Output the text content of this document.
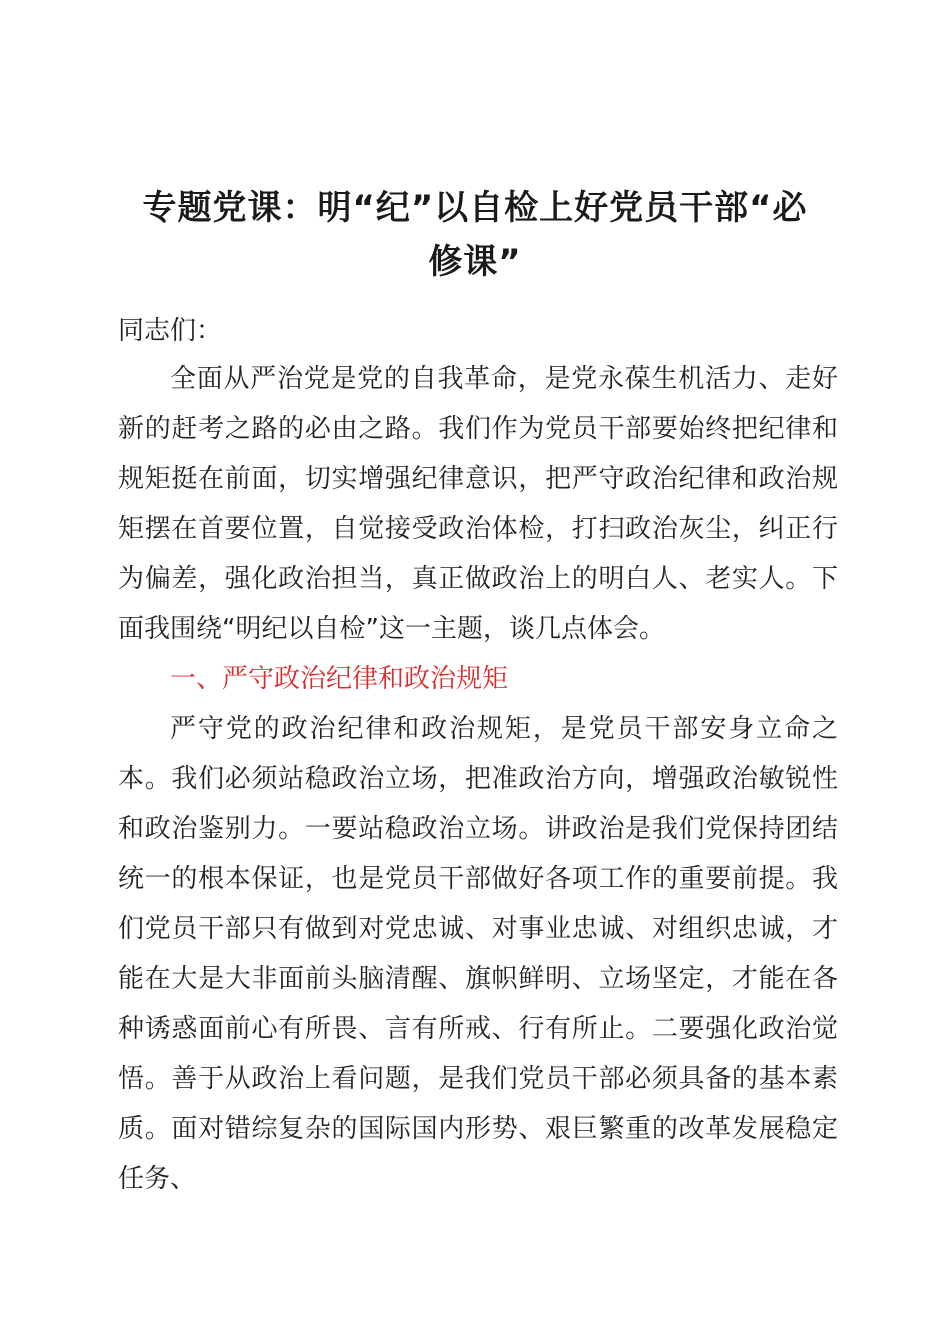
专题党课：明“纪”以自检上好党员干部“必
修课”

同志们：

全面从严治党是党的自我革命，是党永葆生机活力、走好新的赶考之路的必由之路。我们作为党员干部要始终把纪律和规矩挺在前面，切实增强纪律意识，把严守政治纪律和政治规矩摆在首要位置，自觉接受政治体检，打扫政治灰尘，纠正行为偏差，强化政治担当，真正做政治上的明白人、老实人。下面我围绕“明纪以自检”这一主题，谈几点体会。

一、严守政治纪律和政治规矩

严守党的政治纪律和政治规矩，是党员干部安身立命之本。我们必须站稳政治立场，把准政治方向，增强政治敏锐性和政治鉴别力。一要站稳政治立场。讲政治是我们党保持团结统一的根本保证，也是党员干部做好各项工作的重要前提。我们党员干部只有做到对党忠诚、对事业忠诚、对组织忠诚，才能在大是大非面前头脑清醒、旗帜鲜明、立场坚定，才能在各种诱惑面前心有所畏、言有所戒、行有所止。二要强化政治觉悟。善于从政治上看问题，是我们党员干部必须具备的基本素质。面对错综复杂的国际国内形势、艰巨繁重的改革发展稳定任务、
